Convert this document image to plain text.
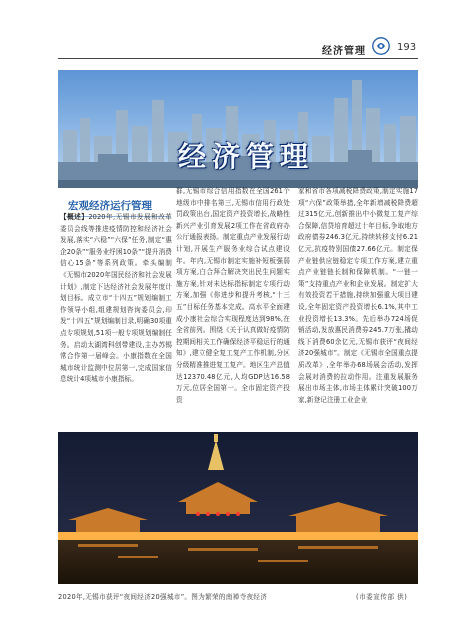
经济管理	193
经济管理
宏观经济运行管理
【概述】2020年,无锡市发展和改革委员会线等推进疫情防控和经济社会发展,落实“六稳”“六保”任务,制定“惠企20条”“服务业纾困10条”“提升消费信心15条”等系列政策。牵头编制《无锡市2020年国民经济和社会发展计划》,制定下达经济社会发展年度计划目标。成立市“十四五”规划编制工作领导小组,组建规划咨询委员会,印发“十四五”规划编制目录,明确30项重点专项规划,51项一般专项规划编制任务。启动太湖湾科创带建设,主办苏锡常合作第一届峰会。小康指数在全国城市统计监测中位居第一,完成国家信息统计4项城市小康指标。
群,无锡市综合信用指数在全国261个地级市中排名第三,无锡市信用行政处罚政策出台,国定资产投资增长,战略性新兴产业引育发展2项工作在省政府办公厅通报表扬。制定重点产业发展行动计划,开展生产服务业综合试点建设年。年内,无锡市制定实施补短板强弱项方案,白合拜合解决突出民生问题实施方案,针对未达标指标制定专项行动方案,加强《你进步和提升考核,“十三五”目标任务基本完成。高水平全面建成小康社会综合实现程度达到98%,在全省前列。围绕《关于认真做好疫情防控期间相关工作确保经济平稳运行的通知》,建立健全复工复产工作机制,分区分级精准推进复工复产。地区生产总值达12370.48亿元,人均GDP达16.58万元,位居全国第一。全市固定资产投资
家和省市各项减税降费政策,制定实施17项“六保”政策举措,全年新增减税降费超过315亿元,创新推出中小微复工复产综合保障,信贷培育超过十年目标,争取地方政府债券246.3亿元,持续转移支付6.21亿元,抗疫特别国债27.66亿元。制定保产业链供应链稳定专项工作方案,建立重点产业链链长制和保障机制。“一链一策”支持重点产业和企业发展。制定扩大有效投资若干措施,持续加强重大项目建设,全年固定资产投资增长6.1%,其中工业投资增长13.3%。先后举办724场促销活动,发放惠民消费券245.7万张,撬动线下消费60余亿元,无锡市获评“夜间经济20强城市”。制定《无锡市全国重点提质改革》,全年举办68场展会活动,发挥会展对消费的拉动作用。注重发展服务展出市场主体,市场主体累计突破100万家,新登记注册工业企业
2020年,无锡市获评“夜间经济20强城市”。图为繁荣的南禅寺夜经济	(市委宣传部 供)
